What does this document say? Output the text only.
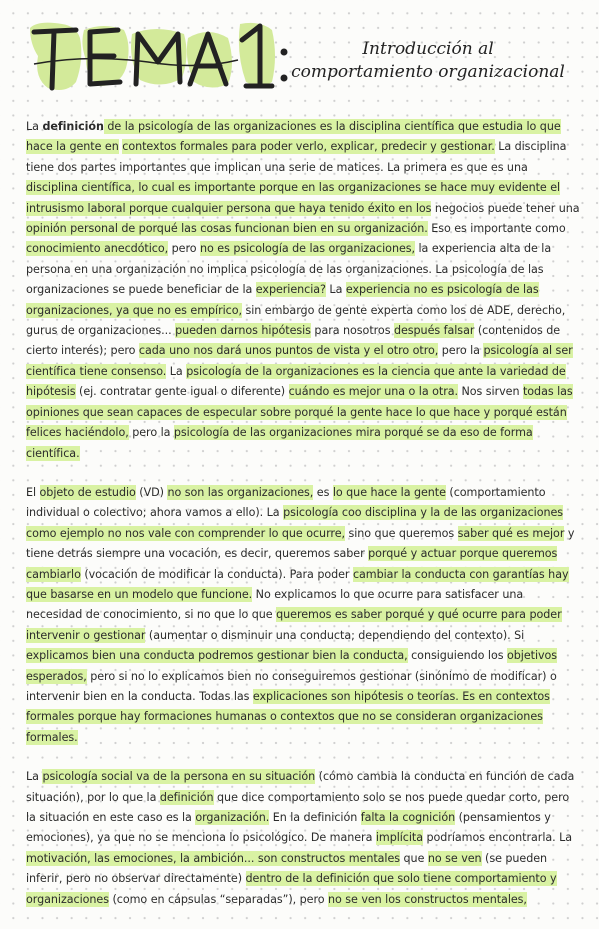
Introducción al
comportamiento organizacional

La definición de la psicología de las organizaciones es la disciplina científica que estudia lo que hace la gente en contextos formales para poder verlo, explicar, predecir y gestionar. La disciplina tiene dos partes importantes que implican una serie de matices. La primera es que es una disciplina científica, lo cual es importante porque en las organizaciones se hace muy evidente el intrusismo laboral porque cualquier persona que haya tenido éxito en los negocios puede tener una opinión personal de porqué las cosas funcionan bien en su organización. Eso es importante como conocimiento anecdótico, pero no es psicología de las organizaciones, la experiencia alta de la persona en una organización no implica psicología de las organizaciones. La psicología de las organizaciones se puede beneficiar de la experiencia? La experiencia no es psicología de las organizaciones, ya que no es empírico, sin embargo de gente experta como los de ADE, derecho, gurus de organizaciones... pueden darnos hipótesis para nosotros después falsar (contenidos de cierto interés); pero cada uno nos dará unos puntos de vista y el otro otro, pero la psicología al ser científica tiene consenso. La psicología de la organizaciones es la ciencia que ante la variedad de hipótesis (ej. contratar gente igual o diferente) cuándo es mejor una o la otra. Nos sirven todas las opiniones que sean capaces de especular sobre porqué la gente hace lo que hace y porqué están felices haciéndolo, pero la psicología de las organizaciones mira porqué se da eso de forma científica.

El objeto de estudio (VD) no son las organizaciones, es lo que hace la gente (comportamiento individual o colectivo; ahora vamos a ello). La psicología coo disciplina y la de las organizaciones como ejemplo no nos vale con comprender lo que ocurre, sino que queremos saber qué es mejor y tiene detrás siempre una vocación, es decir, queremos saber porqué y actuar porque queremos cambiarlo (vocación de modificar la conducta). Para poder cambiar la conducta con garantías hay que basarse en un modelo que funcione. No explicamos lo que ocurre para satisfacer una necesidad de conocimiento, si no que lo que queremos es saber porqué y qué ocurre para poder intervenir o gestionar (aumentar o disminuir una conducta; dependiendo del contexto). Si explicamos bien una conducta podremos gestionar bien la conducta, consiguiendo los objetivos esperados, pero si no lo explicamos bien no conseguiremos gestionar (sinónimo de modificar) o intervenir bien en la conducta. Todas las explicaciones son hipótesis o teorías. Es en contextos formales porque hay formaciones humanas o contextos que no se consideran organizaciones formales.

La psicología social va de la persona en su situación (cómo cambia la conducta en función de cada situación), por lo que la definición que dice comportamiento solo se nos puede quedar corto, pero la situación en este caso es la organización. En la definición falta la cognición (pensamientos y emociones), ya que no se menciona lo psicológico. De manera implícita podríamos encontrarla. La motivación, las emociones, la ambición... son constructos mentales que no se ven (se pueden inferir, pero no observar directamente) dentro de la definición que solo tiene comportamiento y organizaciones (como en cápsulas “separadas”), pero no se ven los constructos mentales,
